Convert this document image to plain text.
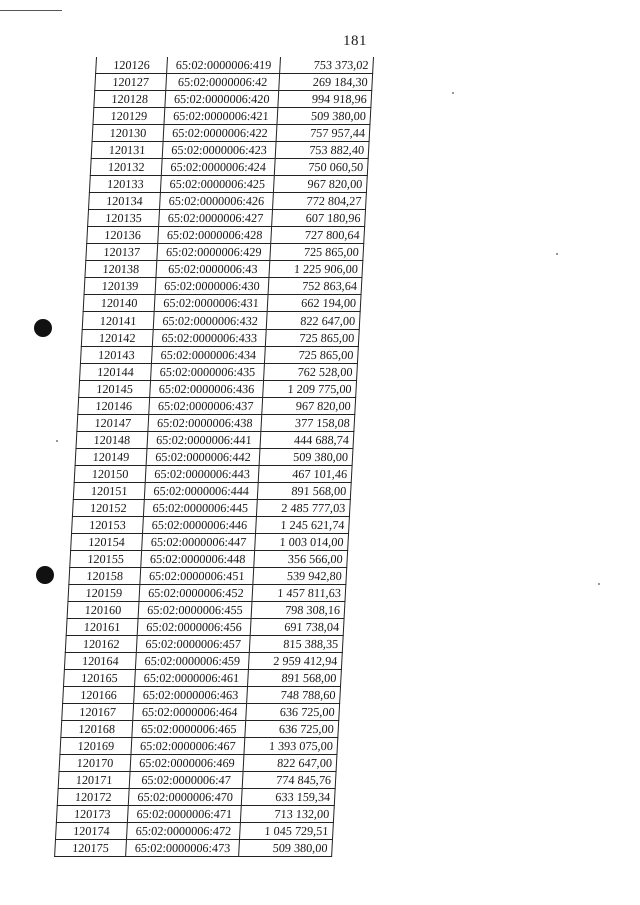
181
120126	65:02:0000006:419	753 373,02
120127	65:02:0000006:42	269 184,30
120128	65:02:0000006:420	994 918,96
120129	65:02:0000006:421	509 380,00
120130	65:02:0000006:422	757 957,44
120131	65:02:0000006:423	753 882,40
120132	65:02:0000006:424	750 060,50
120133	65:02:0000006:425	967 820,00
120134	65:02:0000006:426	772 804,27
120135	65:02:0000006:427	607 180,96
120136	65:02:0000006:428	727 800,64
120137	65:02:0000006:429	725 865,00
120138	65:02:0000006:43	1 225 906,00
120139	65:02:0000006:430	752 863,64
120140	65:02:0000006:431	662 194,00
120141	65:02:0000006:432	822 647,00
120142	65:02:0000006:433	725 865,00
120143	65:02:0000006:434	725 865,00
120144	65:02:0000006:435	762 528,00
120145	65:02:0000006:436	1 209 775,00
120146	65:02:0000006:437	967 820,00
120147	65:02:0000006:438	377 158,08
120148	65:02:0000006:441	444 688,74
120149	65:02:0000006:442	509 380,00
120150	65:02:0000006:443	467 101,46
120151	65:02:0000006:444	891 568,00
120152	65:02:0000006:445	2 485 777,03
120153	65:02:0000006:446	1 245 621,74
120154	65:02:0000006:447	1 003 014,00
120155	65:02:0000006:448	356 566,00
120158	65:02:0000006:451	539 942,80
120159	65:02:0000006:452	1 457 811,63
120160	65:02:0000006:455	798 308,16
120161	65:02:0000006:456	691 738,04
120162	65:02:0000006:457	815 388,35
120164	65:02:0000006:459	2 959 412,94
120165	65:02:0000006:461	891 568,00
120166	65:02:0000006:463	748 788,60
120167	65:02:0000006:464	636 725,00
120168	65:02:0000006:465	636 725,00
120169	65:02:0000006:467	1 393 075,00
120170	65:02:0000006:469	822 647,00
120171	65:02:0000006:47	774 845,76
120172	65:02:0000006:470	633 159,34
120173	65:02:0000006:471	713 132,00
120174	65:02:0000006:472	1 045 729,51
120175	65:02:0000006:473	509 380,00
